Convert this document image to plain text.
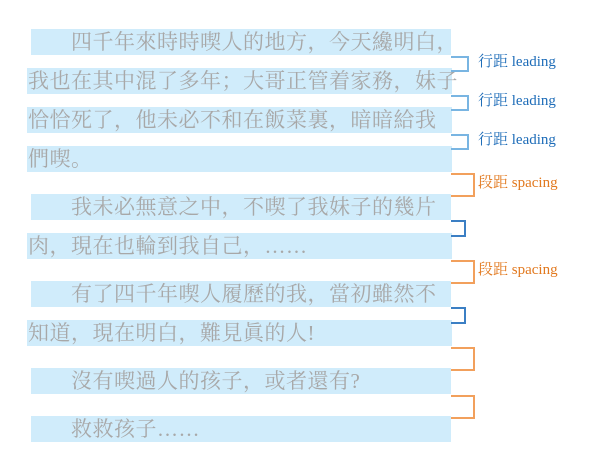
四千年來時時喫人的地方，今天纔明白，
我也在其中混了多年；大哥正管着家務，妹子
恰恰死了，他未必不和在飯菜裏，暗暗給我
們喫。
我未必無意之中，不喫了我妹子的幾片
肉，現在也輪到我自己，……
有了四千年喫人履歷的我，當初雖然不
知道，現在明白，難見眞的人!
沒有喫過人的孩子，或者還有?
救救孩子……
行距 leading
行距 leading
行距 leading
段距 spacing
段距 spacing
